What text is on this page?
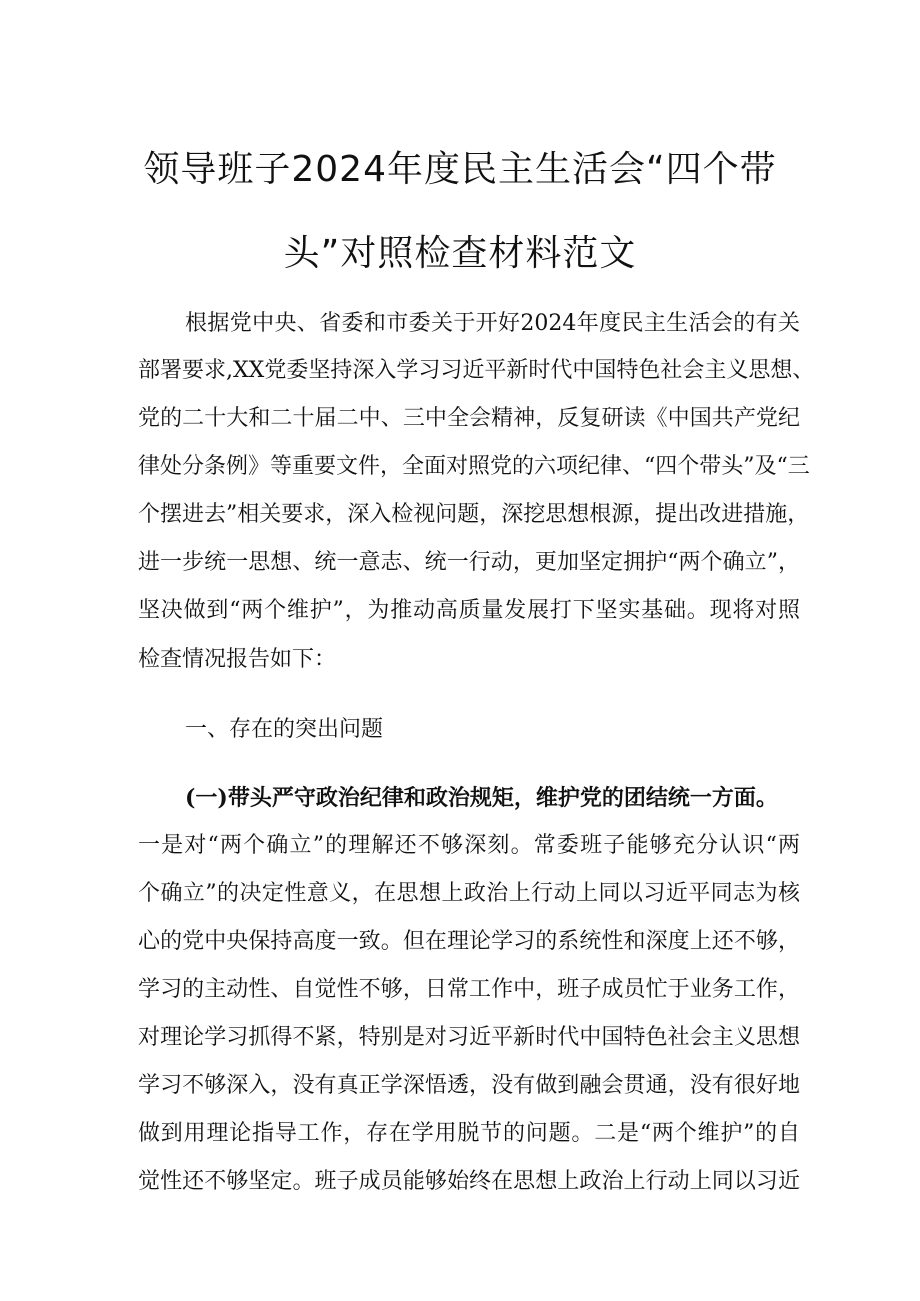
领导班子2024年度民主生活会“四个带
头”对照检查材料范文
根据党中央、省委和市委关于开好2024年度民主生活会的有关
部署要求,XX党委坚持深入学习习近平新时代中国特色社会主义思想、
党的二十大和二十届二中、三中全会精神，反复研读《中国共产党纪
律处分条例》等重要文件，全面对照党的六项纪律、“四个带头”及“三
个摆进去”相关要求，深入检视问题，深挖思想根源，提出改进措施，
进一步统一思想、统一意志、统一行动，更加坚定拥护“两个确立”，
坚决做到“两个维护”，为推动高质量发展打下坚实基础。现将对照
检查情况报告如下：
一、存在的突出问题
(一)带头严守政治纪律和政治规矩，维护党的团结统一方面。
一是对“两个确立”的理解还不够深刻。常委班子能够充分认识“两
个确立”的决定性意义，在思想上政治上行动上同以习近平同志为核
心的党中央保持高度一致。但在理论学习的系统性和深度上还不够，
学习的主动性、自觉性不够，日常工作中，班子成员忙于业务工作，
对理论学习抓得不紧，特别是对习近平新时代中国特色社会主义思想
学习不够深入，没有真正学深悟透，没有做到融会贯通，没有很好地
做到用理论指导工作，存在学用脱节的问题。二是“两个维护”的自
觉性还不够坚定。班子成员能够始终在思想上政治上行动上同以习近
